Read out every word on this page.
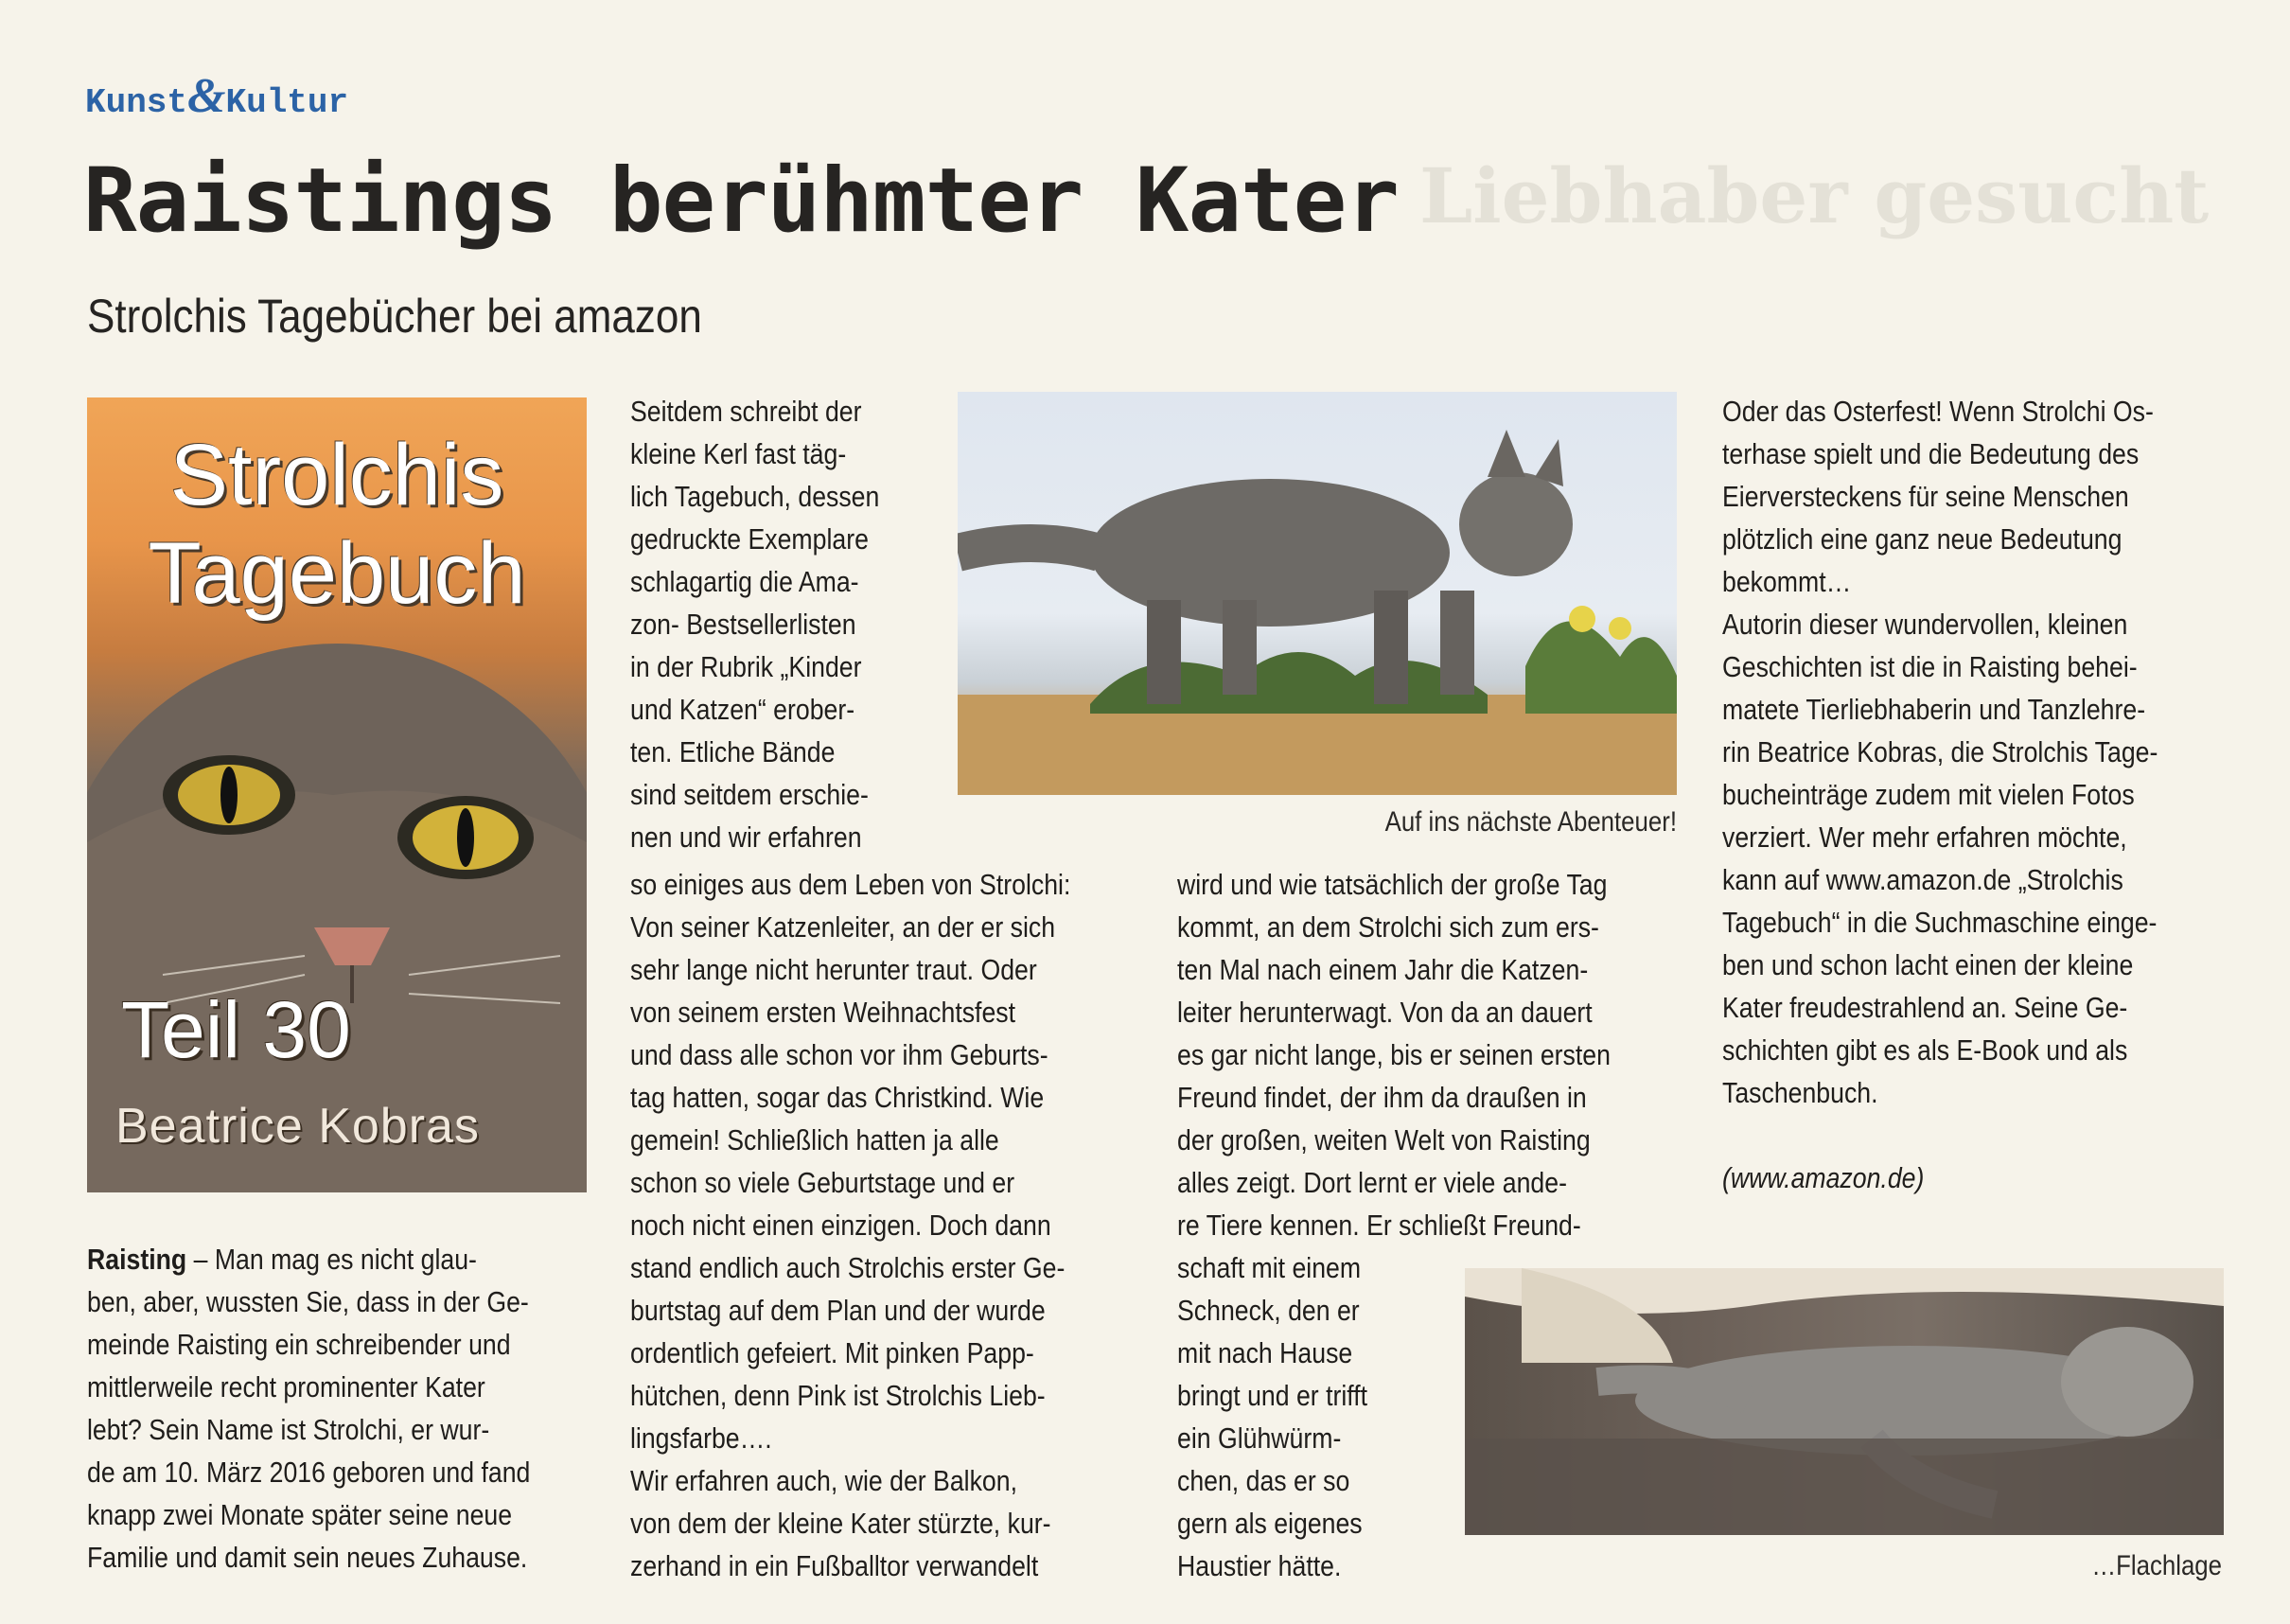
Liebhaber gesucht
Kunst&Kultur
Raistings berühmter Kater
Strolchis Tagebücher bei amazon
Strolchis
Tagebuch
Teil 30
Beatrice Kobras
Auf ins nächste Abenteuer!
…Flachlage

Raisting – Man mag es nicht glau-

ben, aber, wussten Sie, dass in der Ge-

meinde Raisting ein schreibender und

mittlerweile recht prominenter Kater

lebt? Sein Name ist Strolchi, er wur-

de am 10. März 2016 geboren und fand

knapp zwei Monate später seine neue

Familie und damit sein neues Zuhause.

Seitdem schreibt der

kleine Kerl fast täg-

lich Tagebuch, dessen

gedruckte Exemplare

schlagartig die Ama-

zon- Bestsellerlisten

in der Rubrik „Kinder

und Katzen“ erober-

ten. Etliche Bände

sind seitdem erschie-

nen und wir erfahren

so einiges aus dem Leben von Strolchi:

Von seiner Katzenleiter, an der er sich

sehr lange nicht herunter traut. Oder

von seinem ersten Weihnachtsfest

und dass alle schon vor ihm Geburts-

tag hatten, sogar das Christkind. Wie

gemein! Schließlich hatten ja alle

schon so viele Geburtstage und er

noch nicht einen einzigen. Doch dann

stand endlich auch Strolchis erster Ge-

burtstag auf dem Plan und der wurde

ordentlich gefeiert. Mit pinken Papp-

hütchen, denn Pink ist Strolchis Lieb-

lingsfarbe….

Wir erfahren auch, wie der Balkon,

von dem der kleine Kater stürzte, kur-

zerhand in ein Fußballtor verwandelt

wird und wie tatsächlich der große Tag

kommt, an dem Strolchi sich zum ers-

ten Mal nach einem Jahr die Katzen-

leiter herunterwagt. Von da an dauert

es gar nicht lange, bis er seinen ersten

Freund findet, der ihm da draußen in

der großen, weiten Welt von Raisting

alles zeigt. Dort lernt er viele ande-

re Tiere kennen. Er schließt Freund-

schaft mit einem

Schneck, den er

mit nach Hause

bringt und er trifft

ein Glühwürm-

chen, das er so

gern als eigenes

Haustier hätte.

Oder das Osterfest! Wenn Strolchi Os-

terhase spielt und die Bedeutung des

Eierversteckens für seine Menschen

plötzlich eine ganz neue Bedeutung

bekommt…

Autorin dieser wundervollen, kleinen

Geschichten ist die in Raisting behei-

matete Tierliebhaberin und Tanzlehre-

rin Beatrice Kobras, die Strolchis Tage-

bucheinträge zudem mit vielen Fotos

verziert. Wer mehr erfahren möchte,

kann auf www.amazon.de „Strolchis

Tagebuch“ in die Suchmaschine einge-

ben und schon lacht einen der kleine

Kater freudestrahlend an. Seine Ge-

schichten gibt es als E-Book und als

Taschenbuch.

(www.amazon.de)
